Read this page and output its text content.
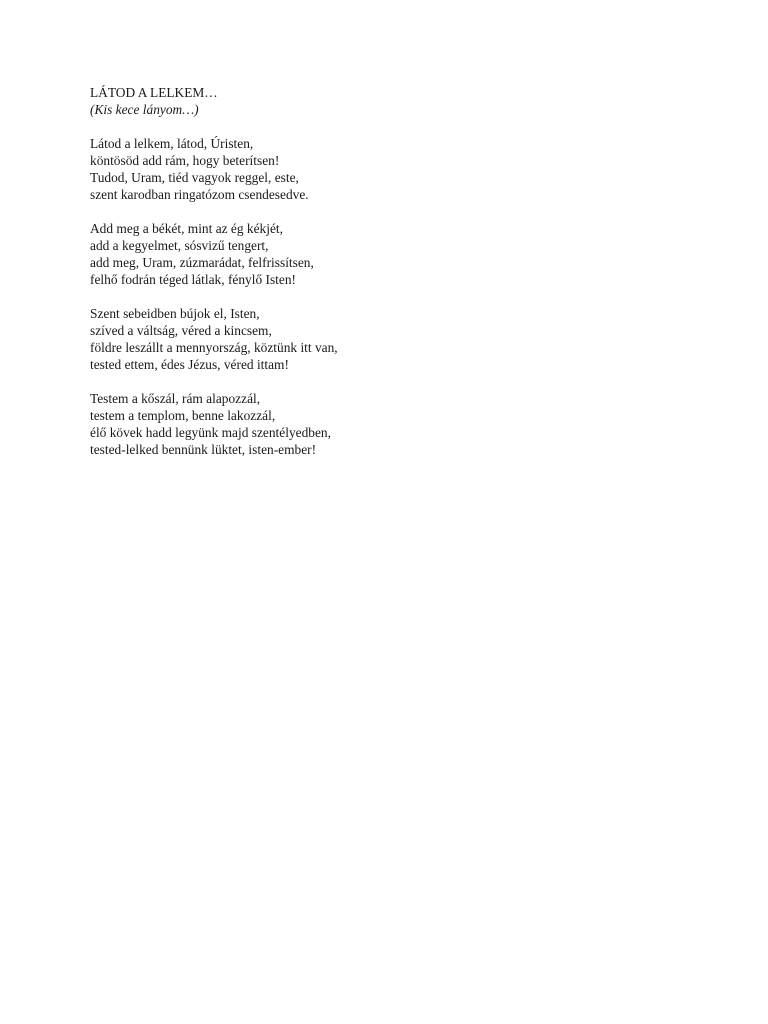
LÁTOD A LELKEM…
(Kis kece lányom…)
Látod a lelkem, látod, Úristen,
köntösöd add rám, hogy beterítsen!
Tudod, Uram, tiéd vagyok reggel, este,
szent karodban ringatózom csendesedve.
Add meg a békét, mint az ég kékjét,
add a kegyelmet, sósvizű tengert,
add meg, Uram, zúzmarádat, felfrissítsen,
felhő fodrán téged látlak, fénylő Isten!
Szent sebeidben bújok el, Isten,
szíved a váltság, véred a kincsem,
földre leszállt a mennyország, köztünk itt van,
tested ettem, édes Jézus, véred ittam!
Testem a kőszál, rám alapozzál,
testem a templom, benne lakozzál,
élő kövek hadd legyünk majd szentélyedben,
tested-lelked bennünk lüktet, isten-ember!
